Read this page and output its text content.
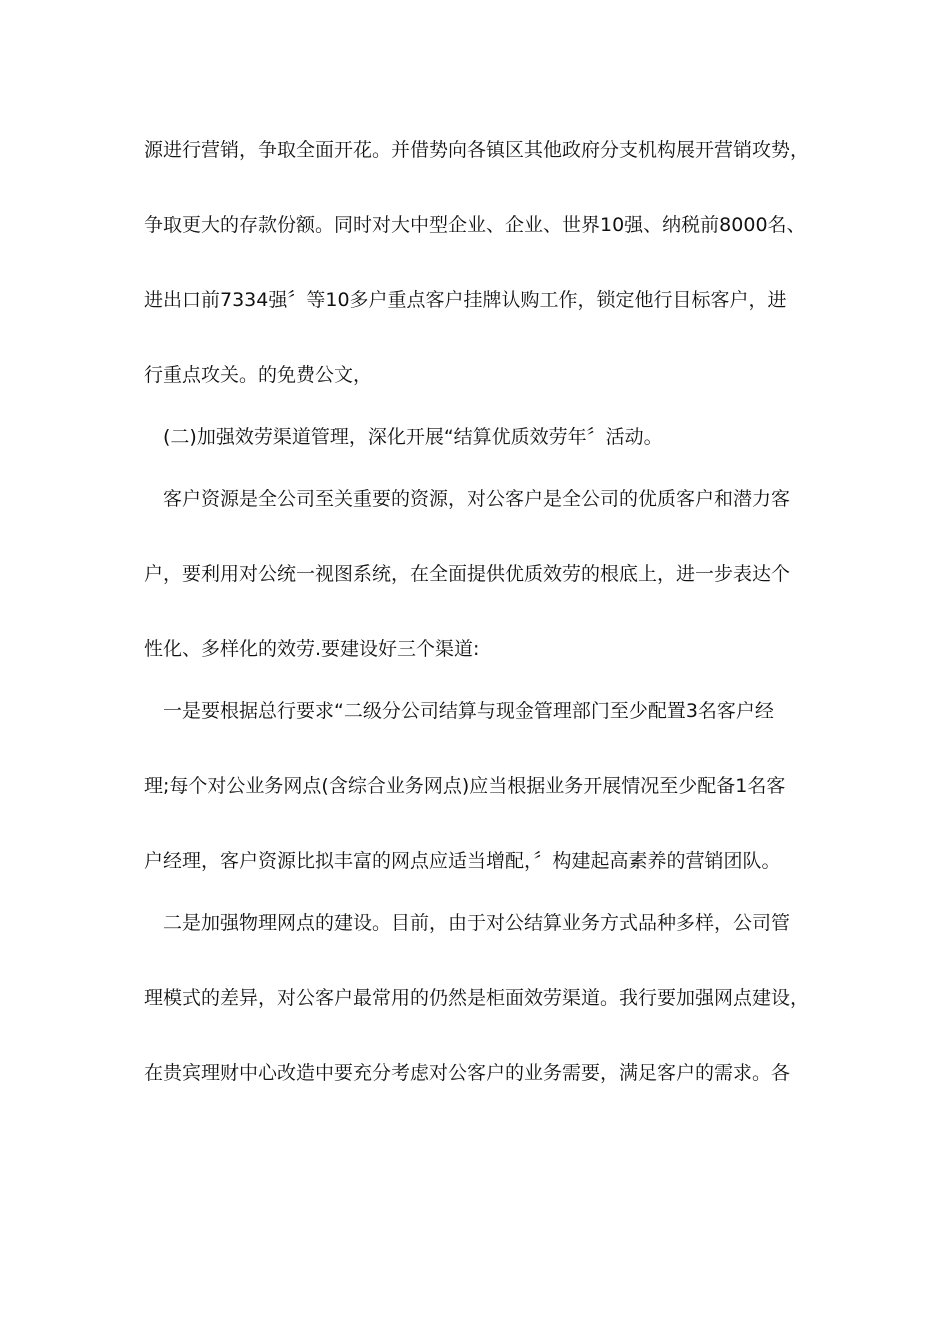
源进行营销，争取全面开花。并借势向各镇区其他政府分支机构展开营销攻势，

争取更大的存款份额。同时对大中型企业、企业、世界10强、纳税前8000名、

进出口前7334强〞等10多户重点客户挂牌认购工作，锁定他行目标客户，进

行重点攻关。的免费公文，

(二)加强效劳渠道管理，深化开展“结算优质效劳年〞活动。

客户资源是全公司至关重要的资源，对公客户是全公司的优质客户和潜力客

户，要利用对公统一视图系统，在全面提供优质效劳的根底上，进一步表达个

性化、多样化的效劳.要建设好三个渠道:

一是要根据总行要求“二级分公司结算与现金管理部门至少配置3名客户经

理;每个对公业务网点(含综合业务网点)应当根据业务开展情况至少配备1名客

户经理，客户资源比拟丰富的网点应适当增配，〞构建起高素养的营销团队。

二是加强物理网点的建设。目前，由于对公结算业务方式品种多样，公司管

理模式的差异，对公客户最常用的仍然是柜面效劳渠道。我行要加强网点建设，

在贵宾理财中心改造中要充分考虑对公客户的业务需要，满足客户的需求。各
